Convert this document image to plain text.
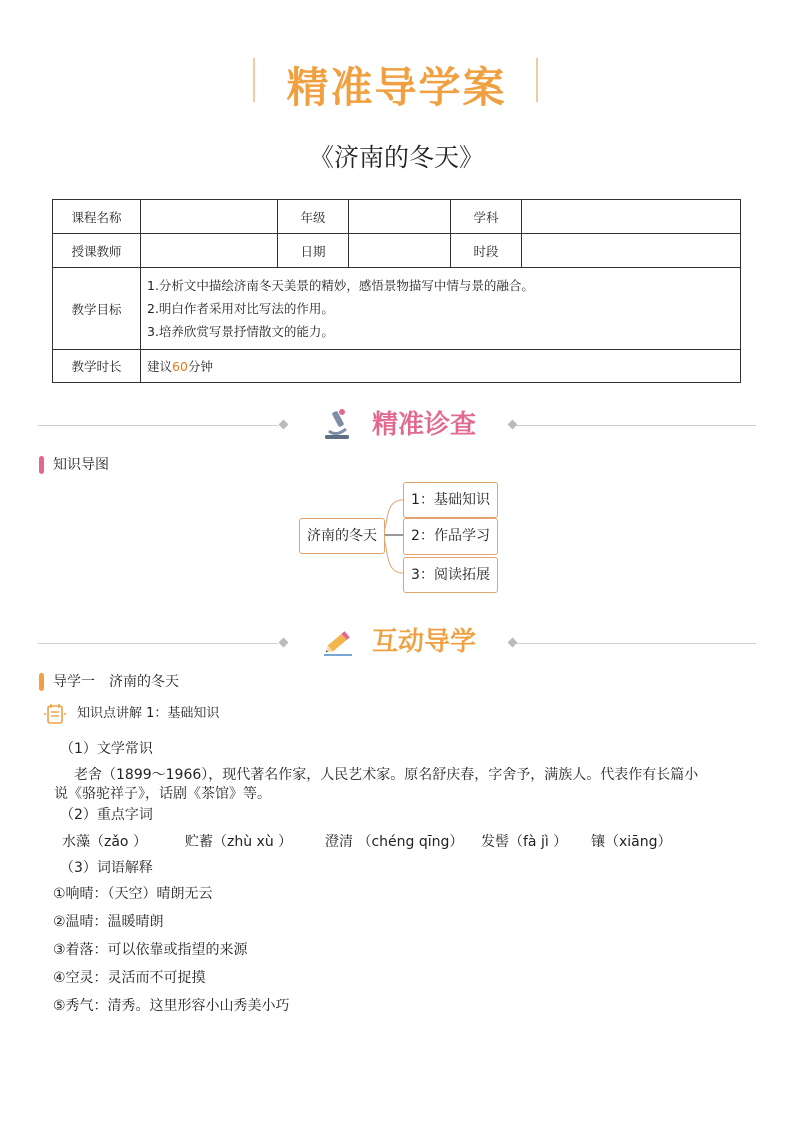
精准导学案
《济南的冬天》
课程名称		年级		学科	
授课教师		日期		时段	
教学目标	1.分析文中描绘济南冬天美景的精妙，感悟景物描写中情与景的融合。
2.明白作者采用对比写法的作用。
3.培养欣赏写景抒情散文的能力。				

教学时长	建议60分钟				
精准诊查
知识导图
济南的冬天
1：基础知识
2：作品学习
3：阅读拓展
互动导学
导学一　济南的冬天
知识点讲解 1：基础知识
（1）文学常识
老舍（1899～1966），现代著名作家，人民艺术家。原名舒庆春，字舍予，满族人。代表作有长篇小
说《骆驼祥子》，话剧《茶馆》等。
（2）重点字词
水藻（zǎo ）	贮蓄（zhù xù ） 澄清 （chéng qīng） 发髻（fà jì ） 镶（xiāng）
（3）词语解释
①响晴：（天空）晴朗无云
②温晴：温暖晴朗
③着落：可以依靠或指望的来源
④空灵：灵活而不可捉摸
⑤秀气：清秀。这里形容小山秀美小巧
